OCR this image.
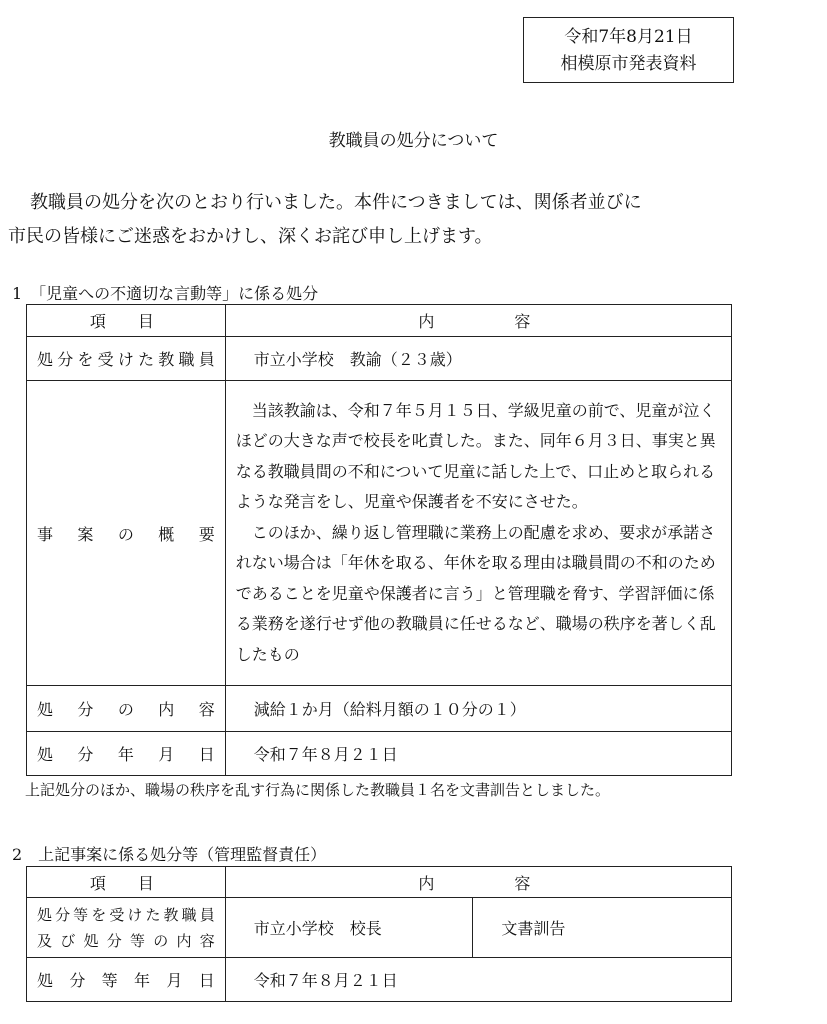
令和7年8月21日
相模原市発表資料
教職員の処分について
教職員の処分を次のとおり行いました。本件につきましては、関係者並びに
市民の皆様にご迷惑をおかけし、深くお詫び申し上げます。
1　「児童への不適切な言動等」に係る処分
項　目	内　　　容
処分を受けた教職員	市立小学校　教諭（２３歳）
事案の概要	当該教諭は、令和７年５月１５日、学級児童の前で、児童が泣くほどの大きな声で校長を叱責した。また、同年６月３日、事実と異なる教職員間の不和について児童に話した上で、口止めと取られるような発言をし、児童や保護者を不安にさせた。

このほか、繰り返し管理職に業務上の配慮を求め、要求が承諾されない場合は「年休を取る、年休を取る理由は職員間の不和のためであることを児童や保護者に言う」と管理職を脅す、学習評価に係る業務を遂行せず他の教職員に任せるなど、職場の秩序を著しく乱したもの

処分の内容	減給１か月（給料月額の１０分の１）
処分年月日	令和７年８月２１日
上記処分のほか、職場の秩序を乱す行為に関係した教職員１名を文書訓告としました。
2　上記事案に係る処分等（管理監督責任）
項　目	内　　　容	

処分等を受けた教職員
及び処分等の内容	市立小学校　校長	文書訓告
処分等年月日	令和７年８月２１日	
